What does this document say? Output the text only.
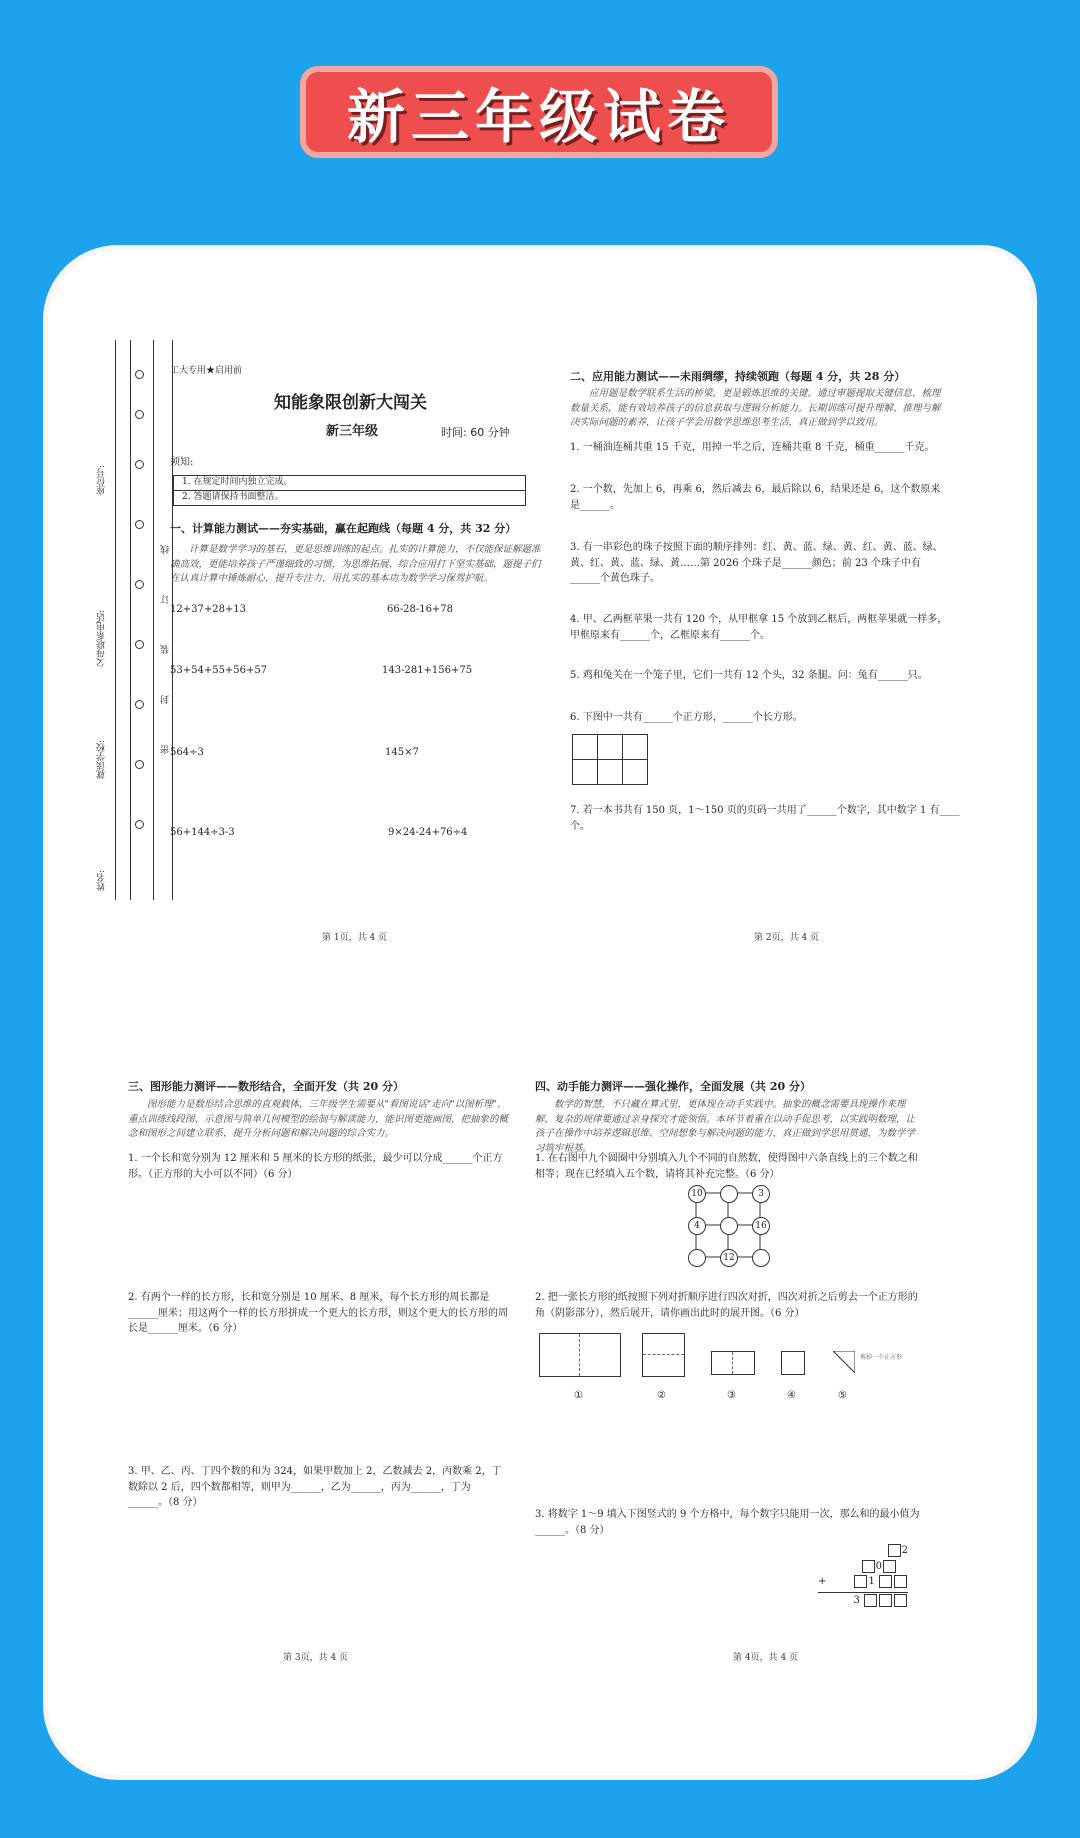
新三年级试卷
座位号:
父母联系电话:
就读学校:
姓名:
线
订
装
封
密
工大专用★启用前
知能象限创新大闯关
新三年级	时间: 60 分钟
须知:
1. 在规定时间内独立完成。
2. 答题请保持书面整洁。
一、计算能力测试——夯实基础，赢在起跑线（每题 4 分，共 32 分）
计算是数学学习的基石，更是思维训练的起点。扎实的计算能力，不仅能保证解题准确高效，更能培养孩子严谨细致的习惯，为思维拓展、综合应用打下坚实基础，题提子们在认真计算中锤炼耐心，提升专注力，用扎实的基本功为数学学习保驾护航。
12+37+28+13	66-28-16+78
53+54+55+56+57	143-281+156+75
564÷3	145×7
56+144÷3-3	9×24-24+76÷4
第 1页，共 4 页
二、应用能力测试——未雨绸缪，持续领跑（每题 4 分，共 28 分）
应用题是数学联系生活的桥梁，更是锻炼思维的关键。通过审题提取关键信息、梳理数量关系，能有效培养孩子的信息获取与逻辑分析能力。长期训练可提升理解、推理与解决实际问题的素养，让孩子学会用数学思维思考生活，真正做到学以致用。
1. 一桶油连桶共重 15 千克，用掉一半之后，连桶共重 8 千克，桶重______千克。
2. 一个数，先加上 6，再乘 6，然后减去 6，最后除以 6，结果还是 6，这个数原来是______。
3. 有一串彩色的珠子按照下面的顺序排列：红、黄、蓝、绿、黄、红、黄、蓝、绿、黄、红、黄、蓝、绿、黄……第 2026 个珠子是______颜色；前 23 个珠子中有______个黄色珠子。
4. 甲、乙两框苹果一共有 120 个，从甲框拿 15 个放到乙框后，两框苹果就一样多，甲框原来有______个，乙框原来有______个。
5. 鸡和兔关在一个笼子里，它们一共有 12 个头，32 条腿。问：兔有______只。
6. 下图中一共有______个正方形，______个长方形。

7. 若一本书共有 150 页，1～150 页的页码一共用了______个数字，其中数字 1 有____个。
第 2页，共 4 页
三、图形能力测评——数形结合，全面开发（共 20 分）
图形能力是数形结合思维的直观载体，三年级学生需要从"看图说话"走向"以图析理"。重点训练线段图、示意图与简单几何模型的绘制与解读能力，能识图更能画图，把抽象的概念和图形之间建立联系，提升分析问题和解决问题的综合实力。
1. 一个长和宽分别为 12 厘米和 5 厘米的长方形的纸张，最少可以分成______个正方形。（正方形的大小可以不同）（6 分）
2. 有两个一样的长方形，长和宽分别是 10 厘米、8 厘米，每个长方形的周长都是______厘米；用这两个一样的长方形拼成一个更大的长方形，则这个更大的长方形的周长是______厘米。（6 分）
3. 甲、乙、丙、丁四个数的和为 324，如果甲数加上 2，乙数减去 2，丙数乘 2，丁数除以 2 后，四个数都相等，则甲为______，乙为______，丙为______，丁为______。（8 分）
第 3页，共 4 页
四、动手能力测评——强化操作，全面发展（共 20 分）
数学的智慧，不只藏在算式里，更体现在动手实践中。抽象的概念需要具现操作来理解，复杂的规律要通过亲身探究才能领悟。本环节着重在以动手促思考，以实践明数理，让孩子在操作中培养逻辑思维、空间想象与解决问题的能力，真正做到学思用贯通，为数学学习筑牢根基。
1. 在右图中九个圆圈中分别填入九个不同的自然数，使得图中六条直线上的三个数之和相等；现在已经填入五个数，请将其补充完整。（6 分）
10	3
4	16
12
2. 把一张长方形的纸按照下列对折顺序进行四次对折，四次对折之后剪去一个正方形的角（阴影部分），然后展开，请你画出此时的展开图。（6 分）
剪掉一个正方形
①	②	③	④	⑤
3. 将数字 1～9 填入下图竖式的 9 个方格中，每个数字只能用一次，那么和的最小值为______。（8 分）
2
0
+	1
3
第 4页，共 4 页
